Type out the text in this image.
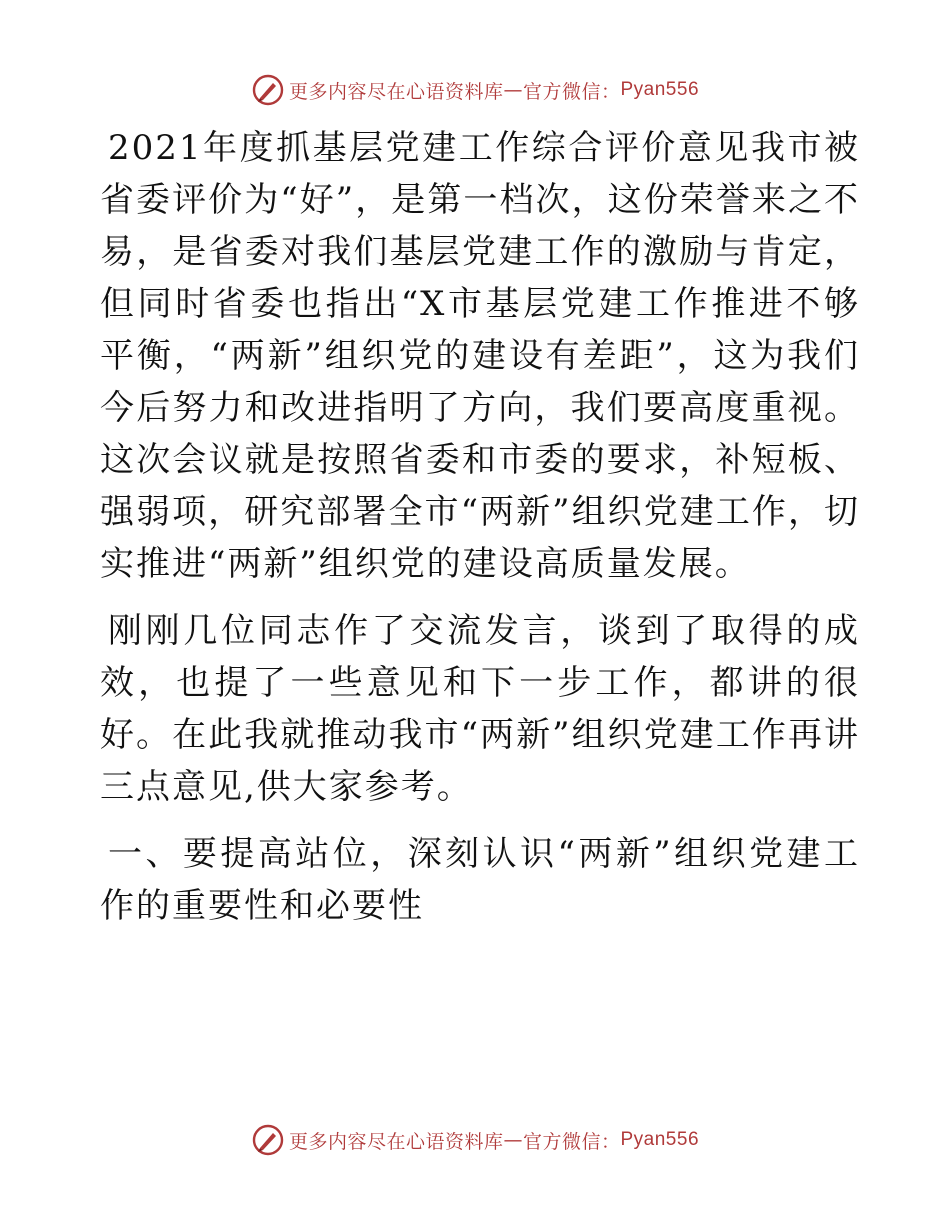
更多内容尽在心语资料库 — 官方微信： Pyan556

2021年度抓基层党建工作综合评价意见我市被省委评价为“好”，是第一档次，这份荣誉来之不易，是省委对我们基层党建工作的激励与肯定，但同时省委也指出“X市基层党建工作推进不够平衡，“两新”组织党的建设有差距”，这为我们今后努力和改进指明了方向，我们要高度重视。这次会议就是按照省委和市委的要求，补短板、强弱项，研究部署全市“两新”组织党建工作，切实推进“两新”组织党的建设高质量发展。

刚刚几位同志作了交流发言，谈到了取得的成效，也提了一些意见和下一步工作，都讲的很好。在此我就推动我市“两新”组织党建工作再讲三点意见,供大家参考。

一、要提高站位，深刻认识“两新”组织党建工作的重要性和必要性

更多内容尽在心语资料库 — 官方微信： Pyan556
